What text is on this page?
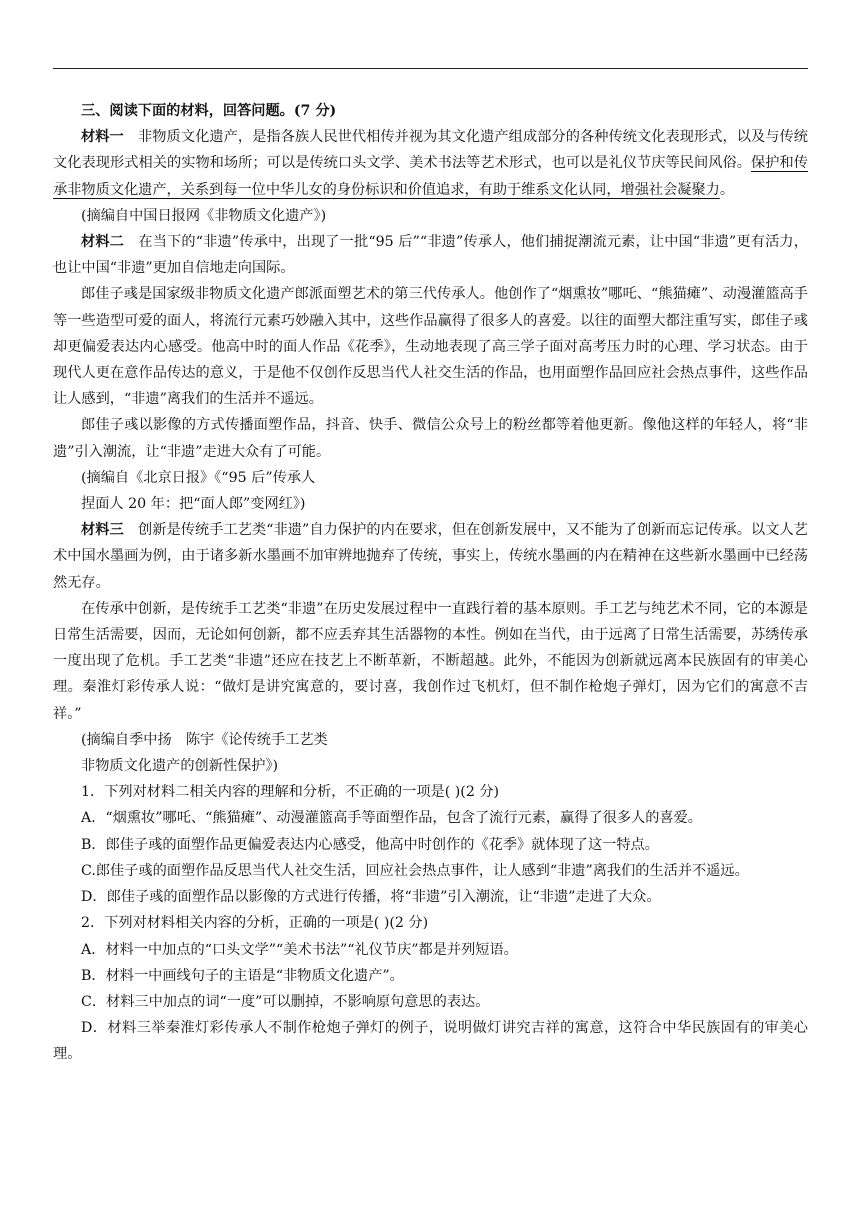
三、阅读下面的材料，回答问题。(7 分)

材料一　 非物质文化遗产，是指各族人民世代相传并视为其文化遗产组成部分的各种传统文化表现形式，以及与传统文化表现形式相关的实物和场所；可以是传统口头文学、美术书法等艺术形式，也可以是礼仪节庆等民间风俗。保护和传承非物质文化遗产，关系到每一位中华儿女的身份标识和价值追求，有助于维系文化认同，增强社会凝聚力。

(摘编自中国日报网《非物质文化遗产》)

材料二　 在当下的“非遗”传承中，出现了一批“95 后”“非遗”传承人，他们捕捉潮流元素，让中国“非遗”更有活力，也让中国“非遗”更加自信地走向国际。

郎佳子彧是国家级非物质文化遗产郎派面塑艺术的第三代传承人。他创作了“烟熏妆”哪吒、“熊猫瘫”、动漫灌篮高手等一些造型可爱的面人，将流行元素巧妙融入其中，这些作品赢得了很多人的喜爱。以往的面塑大都注重写实，郎佳子彧却更偏爱表达内心感受。他高中时的面人作品《花季》，生动地表现了高三学子面对高考压力时的心理、学习状态。由于现代人更在意作品传达的意义，于是他不仅创作反思当代人社交生活的作品，也用面塑作品回应社会热点事件，这些作品让人感到，“非遗”离我们的生活并不遥远。

郎佳子彧以影像的方式传播面塑作品，抖音、快手、微信公众号上的粉丝都等着他更新。像他这样的年轻人，将“非遗”引入潮流，让“非遗”走进大众有了可能。

(摘编自《北京日报》《“95 后”传承人

捏面人 20 年：把“面人郎”变网红》)

材料三　 创新是传统手工艺类“非遗”自力保护的内在要求，但在创新发展中，又不能为了创新而忘记传承。以文人艺术中国水墨画为例，由于诸多新水墨画不加审辨地抛弃了传统，事实上，传统水墨画的内在精神在这些新水墨画中已经荡然无存。

在传承中创新，是传统手工艺类“非遗”在历史发展过程中一直践行着的基本原则。手工艺与纯艺术不同，它的本源是日常生活需要，因而，无论如何创新，都不应丢弃其生活器物的本性。例如在当代，由于远离了日常生活需要，苏绣传承一度出现了危机。手工艺类“非遗”还应在技艺上不断革新，不断超越。此外，不能因为创新就远离本民族固有的审美心理。秦淮灯彩传承人说：“做灯是讲究寓意的，要讨喜，我创作过飞机灯，但不制作枪炮子弹灯，因为它们的寓意不吉祥。”

(摘编自季中扬　陈宇《论传统手工艺类

非物质文化遗产的创新性保护》)

1．下列对材料二相关内容的理解和分析，不正确的一项是( )(2 分)

A．“烟熏妆”哪吒、“熊猫瘫”、动漫灌篮高手等面塑作品，包含了流行元素，赢得了很多人的喜爱。

B．郎佳子彧的面塑作品更偏爱表达内心感受，他高中时创作的《花季》就体现了这一特点。

C.郎佳子彧的面塑作品反思当代人社交生活，回应社会热点事件，让人感到“非遗”离我们的生活并不遥远。

D．郎佳子彧的面塑作品以影像的方式进行传播，将“非遗”引入潮流，让“非遗”走进了大众。

2．下列对材料相关内容的分析，正确的一项是( )(2 分)

A．材料一中加点的“口头文学”“美术书法”“礼仪节庆”都是并列短语。

B．材料一中画线句子的主语是“非物质文化遗产”。

C．材料三中加点的词“一度”可以删掉，不影响原句意思的表达。

D．材料三举秦淮灯彩传承人不制作枪炮子弹灯的例子，说明做灯讲究吉祥的寓意，这符合中华民族固有的审美心理。
